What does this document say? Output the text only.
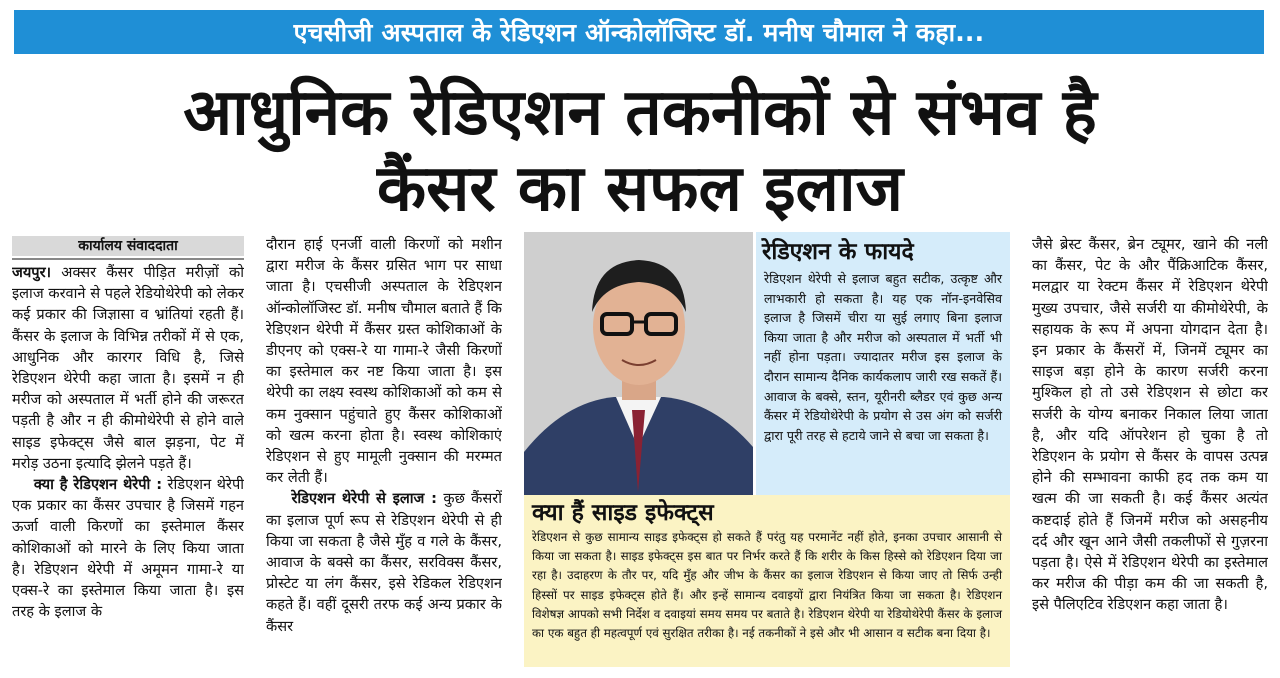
एचसीजी अस्पताल के रेडिएशन ऑन्कोलॉजिस्ट डॉ. मनीष चौमाल ने कहा...
आधुनिक रेडिएशन तकनीकों से संभव है
कैंसर का सफल इलाज
कार्यालय संवाददाता

जयपुर। अक्सर कैंसर पीड़ित मरीज़ों को इलाज करवाने से पहले रेडियोथेरेपी को लेकर कई प्रकार की जिज्ञासा व भ्रांतियां रहती हैं। कैंसर के इलाज के विभिन्न तरीकों में से एक, आधुनिक और कारगर विधि है, जिसे रेडिएशन थेरेपी कहा जाता है। इसमें न ही मरीज को अस्पताल में भर्ती होने की जरूरत पड़ती है और न ही कीमोथेरेपी से होने वाले साइड इफेक्ट्स जैसे बाल झड़ना, पेट में मरोड़ उठना इत्यादि झेलने पड़ते हैं।

क्या है रेडिएशन थेरेपी : रेडिएशन थेरेपी एक प्रकार का कैंसर उपचार है जिसमें गहन ऊर्जा वाली किरणों का इस्तेमाल कैंसर कोशिकाओं को मारने के लिए किया जाता है। रेडिएशन थेरेपी में अमूमन गामा-रे या एक्स-रे का इस्तेमाल किया जाता है। इस तरह के इलाज के

दौरान हाई एनर्जी वाली किरणों को मशीन द्वारा मरीज के कैंसर ग्रसित भाग पर साधा जाता है। एचसीजी अस्पताल के रेडिएशन ऑन्कोलॉजिस्ट डॉ. मनीष चौमाल बताते हैं कि रेडिएशन थेरेपी में कैंसर ग्रस्त कोशिकाओं के डीएनए को एक्स-रे या गामा-रे जैसी किरणों का इस्तेमाल कर नष्ट किया जाता है। इस थेरेपी का लक्ष्य स्वस्थ कोशिकाओं को कम से कम नुक्सान पहुंचाते हुए कैंसर कोशिकाओं को खत्म करना होता है। स्वस्थ कोशिकाएं रेडिएशन से हुए मामूली नुक्सान की मरम्मत कर लेती हैं।

रेडिएशन थेरेपी से इलाज : कुछ कैंसरों का इलाज पूर्ण रूप से रेडिएशन थेरेपी से ही किया जा सकता है जैसे मुँह व गले के कैंसर, आवाज के बक्से का कैंसर, सरविक्स कैंसर, प्रोस्टेट या लंग कैंसर, इसे रेडिकल रेडिएशन कहते हैं। वहीं दूसरी तरफ कई अन्य प्रकार के कैंसर

रेडिएशन के फायदे
रेडिएशन थेरेपी से इलाज बहुत सटीक, उत्कृष्ट और लाभकारी हो सकता है। यह एक नॉन-इनवेसिव इलाज है जिसमें चीरा या सुई लगाए बिना इलाज किया जाता है और मरीज को अस्पताल में भर्ती भी नहीं होना पड़ता। ज्यादातर मरीज इस इलाज के दौरान सामान्य दैनिक कार्यकलाप जारी रख सकतें हैं। आवाज के बक्से, स्तन, यूरीनरी ब्लैडर एवं कुछ अन्य कैंसर में रेडियोथेरेपी के प्रयोग से उस अंग को सर्जरी द्वारा पूरी तरह से हटाये जाने से बचा जा सकता है।
क्या हैं साइड इफेक्ट्स
रेडिएशन से कुछ सामान्य साइड इफेक्ट्स हो सकते हैं परंतु यह परमानेंट नहीं होते, इनका उपचार आसानी से किया जा सकता है। साइड इफेक्ट्स इस बात पर निर्भर करते हैं कि शरीर के किस हिस्से को रेडिएशन दिया जा रहा है। उदाहरण के तौर पर, यदि मुँह और जीभ के कैंसर का इलाज रेडिएशन से किया जाए तो सिर्फ उन्ही हिस्सों पर साइड इफेक्ट्स होते हैं। और इन्हें सामान्य दवाइयों द्वारा नियंत्रित किया जा सकता है। रेडिएशन विशेषज्ञ आपको सभी निर्देश व दवाइयां समय समय पर बताते है। रेडिएशन थेरेपी या रेडियोथेरेपी कैंसर के इलाज का एक बहुत ही महत्वपूर्ण एवं सुरक्षित तरीका है। नई तकनीकों ने इसे और भी आसान व सटीक बना दिया है।

जैसे ब्रेस्ट कैंसर, ब्रेन ट्यूमर, खाने की नली का कैंसर, पेट के और पैंक्रिआटिक कैंसर, मलद्वार या रेक्टम कैंसर में रेडिएशन थेरेपी मुख्य उपचार, जैसे सर्जरी या कीमोथेरेपी, के सहायक के रूप में अपना योगदान देता है। इन प्रकार के कैंसरों में, जिनमें ट्यूमर का साइज बड़ा होने के कारण सर्जरी करना मुश्किल हो तो उसे रेडिएशन से छोटा कर सर्जरी के योग्य बनाकर निकाल लिया जाता है, और यदि ऑपरेशन हो चुका है तो रेडिएशन के प्रयोग से कैंसर के वापस उत्पन्न होने की सम्भावना काफी हद तक कम या खत्म की जा सकती है। कई कैंसर अत्यंत कष्टदाई होते हैं जिनमें मरीज को असहनीय दर्द और खून आने जैसी तकलीफों से गुज़रना पड़ता है। ऐसे में रेडिएशन थेरेपी का इस्तेमाल कर मरीज की पीड़ा कम की जा सकती है, इसे पैलिएटिव रेडिएशन कहा जाता है।
